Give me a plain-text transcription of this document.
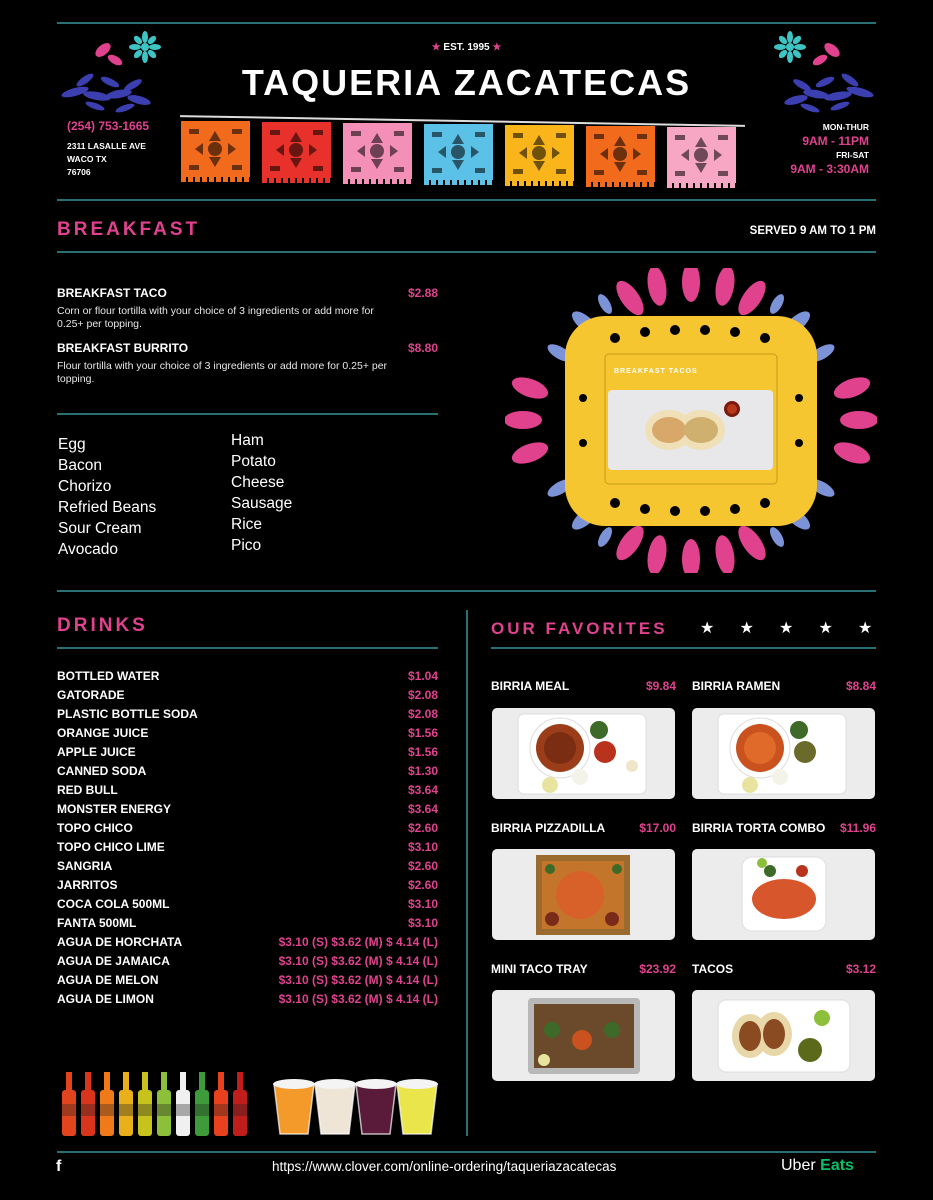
★ EST. 1995 ★
TAQUERIA ZACATECAS
(254) 753-1665
2311 LASALLE AVE
WACO TX
76706
MON-THUR
9AM - 11PM
FRI-SAT
9AM - 3:30AM
BREAKFAST	SERVED 9 AM TO 1 PM
BREAKFAST TACO	$2.88
Corn or flour tortilla with your choice of 3 ingredients or add more for 0.25+ per topping.
BREAKFAST BURRITO	$8.80
Flour tortilla with your choice of 3 ingredients or add more for 0.25+ per topping.
Egg
Bacon
Chorizo
Refried Beans
Sour Cream
Avocado
Ham
Potato
Cheese
Sausage
Rice
Pico
BREAKFAST TACOS
DRINKS
BOTTLED WATER	$1.04
GATORADE	$2.08
PLASTIC BOTTLE SODA	$2.08
ORANGE JUICE	$1.56
APPLE JUICE	$1.56
CANNED SODA	$1.30
RED BULL	$3.64
MONSTER ENERGY	$3.64
TOPO CHICO	$2.60
TOPO CHICO LIME	$3.10
SANGRIA	$2.60
JARRITOS	$2.60
COCA COLA 500ML	$3.10
FANTA 500ML	$3.10
AGUA DE HORCHATA	$3.10 (S) $3.62 (M) $ 4.14 (L)
AGUA DE JAMAICA	$3.10 (S) $3.62 (M) $ 4.14 (L)
AGUA DE MELON	$3.10 (S) $3.62 (M) $ 4.14 (L)
AGUA DE LIMON	$3.10 (S) $3.62 (M) $ 4.14 (L)
OUR FAVORITES ★ ★ ★ ★ ★
BIRRIA MEAL	$9.84 BIRRIA RAMEN	$8.84
BIRRIA PIZZADILLA	$17.00 BIRRIA TORTA COMBO	$11.96
MINI TACO TRAY	$23.92 TACOS	$3.12
f	https://www.clover.com/online-ordering/taqueriazacatecas	Uber Eats
